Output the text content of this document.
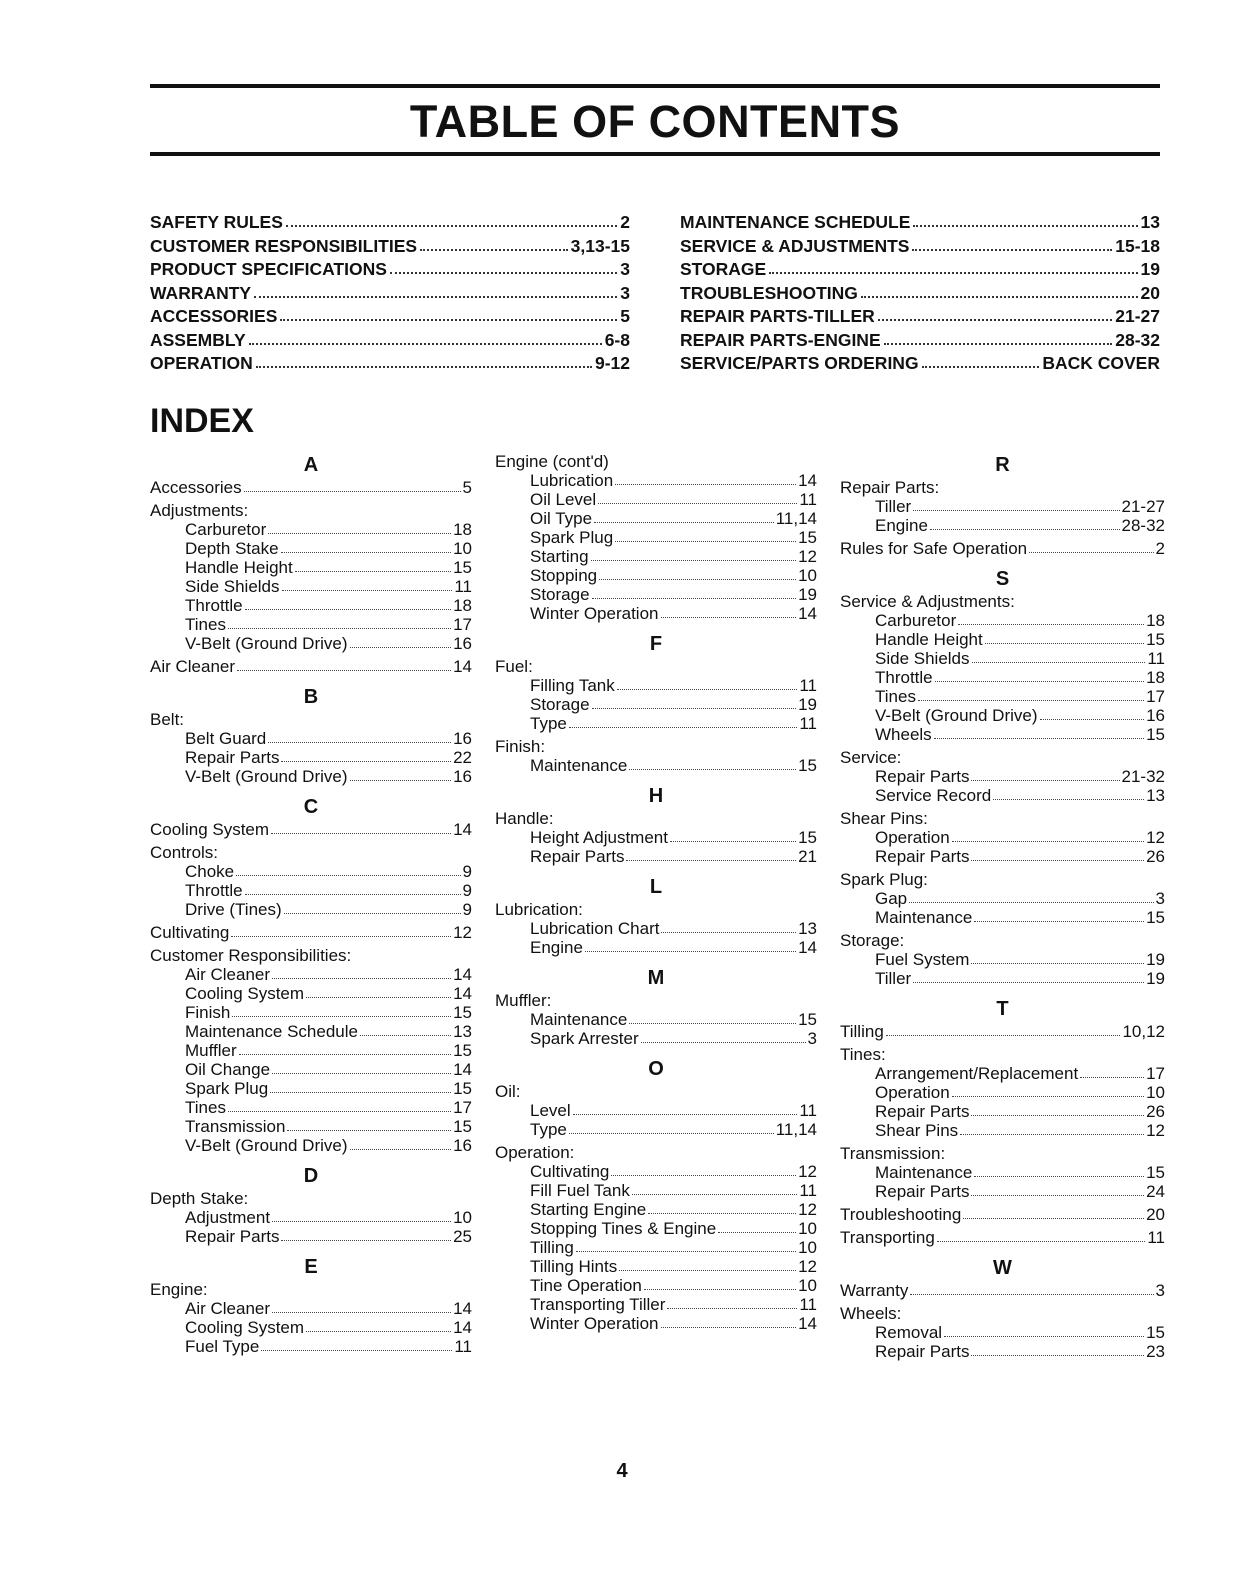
TABLE OF CONTENTS
SAFETY RULES	2
CUSTOMER RESPONSIBILITIES	3,13-15
PRODUCT SPECIFICATIONS	3
WARRANTY	3
ACCESSORIES	5
ASSEMBLY	6-8
OPERATION	9-12
MAINTENANCE SCHEDULE	13
SERVICE & ADJUSTMENTS	15-18
STORAGE	19
TROUBLESHOOTING	20
REPAIR PARTS-TILLER	21-27
REPAIR PARTS-ENGINE	28-32
SERVICE/PARTS ORDERING	BACK COVER
INDEX
A
Accessories	5
Adjustments:
Carburetor	18
Depth Stake	10
Handle Height	15
Side Shields	11
Throttle	18
Tines	17
V-Belt (Ground Drive)	16
Air Cleaner	14
B
Belt:
Belt Guard	16
Repair Parts	22
V-Belt (Ground Drive)	16
C
Cooling System	14
Controls:
Choke	9
Throttle	9
Drive (Tines)	9
Cultivating	12
Customer Responsibilities:
Air Cleaner	14
Cooling System	14
Finish	15
Maintenance Schedule	13
Muffler	15
Oil Change	14
Spark Plug	15
Tines	17
Transmission	15
V-Belt (Ground Drive)	16
D
Depth Stake:
Adjustment	10
Repair Parts	25
E
Engine:
Air Cleaner	14
Cooling System	14
Fuel Type	11
Engine (cont'd)
Lubrication	14
Oil Level	11
Oil Type	11,14
Spark Plug	15
Starting	12
Stopping	10
Storage	19
Winter Operation	14
F
Fuel:
Filling Tank	11
Storage	19
Type	11
Finish:
Maintenance	15
H
Handle:
Height Adjustment	15
Repair Parts	21
L
Lubrication:
Lubrication Chart	13
Engine	14
M
Muffler:
Maintenance	15
Spark Arrester	3
O
Oil:
Level	11
Type	11,14
Operation:
Cultivating	12
Fill Fuel Tank	11
Starting Engine	12
Stopping Tines & Engine	10
Tilling	10
Tilling Hints	12
Tine Operation	10
Transporting Tiller	11
Winter Operation	14
R
Repair Parts:
Tiller	21-27
Engine	28-32
Rules for Safe Operation	2
S
Service & Adjustments:
Carburetor	18
Handle Height	15
Side Shields	11
Throttle	18
Tines	17
V-Belt (Ground Drive)	16
Wheels	15
Service:
Repair Parts	21-32
Service Record	13
Shear Pins:
Operation	12
Repair Parts	26
Spark Plug:
Gap	3
Maintenance	15
Storage:
Fuel System	19
Tiller	19
T
Tilling	10,12
Tines:
Arrangement/Replacement	17
Operation	10
Repair Parts	26
Shear Pins	12
Transmission:
Maintenance	15
Repair Parts	24
Troubleshooting	20
Transporting	11
W
Warranty	3
Wheels:
Removal	15
Repair Parts	23
4
